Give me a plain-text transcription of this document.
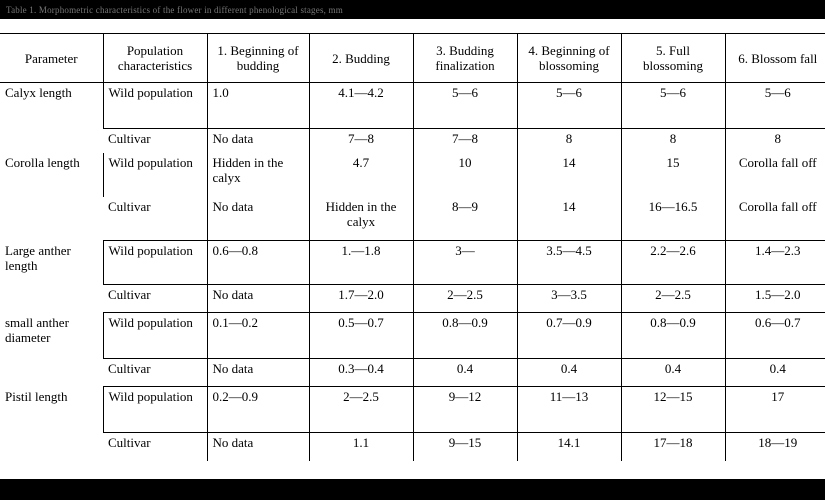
Table 1. Morphometric characteristics of the flower in different phenological stages, mm
Parameter	Population characteristics	1. Beginning of budding	2. Budding	3. Budding finalization	4. Beginning of blossoming	5. Full blossoming	6. Blossom fall
Calyx length	Wild population	1.0	4.1—4.2	5—6	5—6	5—6	5—6
	Cultivar	No data	7—8	7—8	8	8	8
Corolla length	Wild population	Hidden in the calyx	4.7	10	14	15	Corolla fall off
	Cultivar	No data	Hidden in the calyx	8—9	14	16—16.5	Corolla fall off
Large anther length	Wild population	0.6—0.8	1.—1.8	3—	3.5—4.5	2.2—2.6	1.4—2.3
	Cultivar	No data	1.7—2.0	2—2.5	3—3.5	2—2.5	1.5—2.0
small anther diameter	Wild population	0.1—0.2	0.5—0.7	0.8—0.9	0.7—0.9	0.8—0.9	0.6—0.7
	Cultivar	No data	0.3—0.4	0.4	0.4	0.4	0.4
Pistil length	Wild population	0.2—0.9	2—2.5	9—12	11—13	12—15	17
	Cultivar	No data	1.1	9—15	14.1	17—18	18—19
